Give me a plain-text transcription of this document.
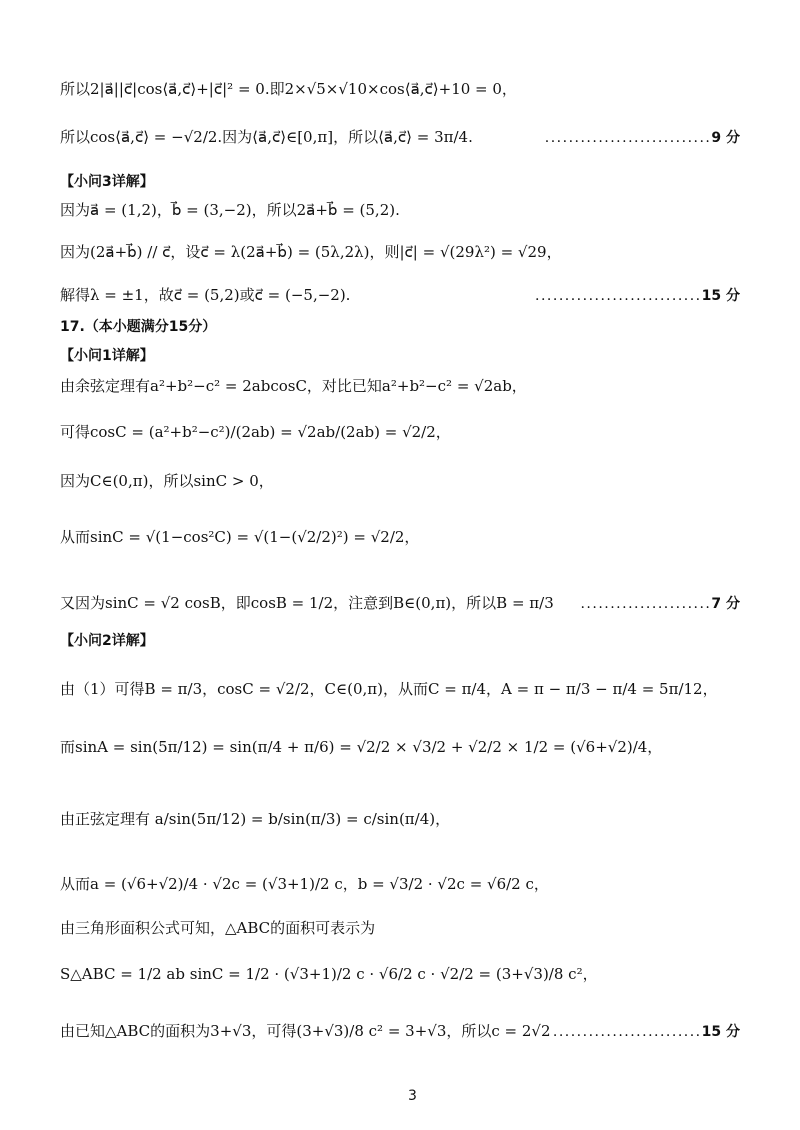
所以2|a⃗||c⃗|cos⟨a⃗,c⃗⟩+|c⃗|² = 0.即2×√5×√10×cos⟨a⃗,c⃗⟩+10 = 0，
所以cos⟨a⃗,c⃗⟩ = −√2/2.因为⟨a⃗,c⃗⟩∈[0,π]，所以⟨a⃗,c⃗⟩ = 3π/4.	............................ 9 分
【小问3详解】
因为a⃗ = (1,2)，b⃗ = (3,−2)，所以2a⃗+b⃗ = (5,2).
因为(2a⃗+b⃗) // c⃗，设c⃗ = λ(2a⃗+b⃗) = (5λ,2λ)，则|c⃗| = √(29λ²) = √29，
解得λ = ±1，故c⃗ = (5,2)或c⃗ = (−5,−2).	............................ 15 分
17.（本小题满分15分）
【小问1详解】
由余弦定理有a²+b²−c² = 2abcosC，对比已知a²+b²−c² = √2ab，
可得cosC = (a²+b²−c²)/(2ab) = √2ab/(2ab) = √2/2，
因为C∈(0,π)，所以sinC > 0，
从而sinC = √(1−cos²C) = √(1−(√2/2)²) = √2/2，
又因为sinC = √2 cosB，即cosB = 1/2，注意到B∈(0,π)，所以B = π/3 ...................... 7 分
【小问2详解】
由（1）可得B = π/3，cosC = √2/2，C∈(0,π)，从而C = π/4，A = π − π/3 − π/4 = 5π/12，
而sinA = sin(5π/12) = sin(π/4 + π/6) = √2/2 × √3/2 + √2/2 × 1/2 = (√6+√2)/4，
由正弦定理有 a/sin(5π/12) = b/sin(π/3) = c/sin(π/4)，
从而a = (√6+√2)/4 · √2c = (√3+1)/2 c，b = √3/2 · √2c = √6/2 c，
由三角形面积公式可知，△ABC的面积可表示为
S△ABC = 1/2 ab sinC = 1/2 · (√3+1)/2 c · √6/2 c · √2/2 = (3+√3)/8 c²，
由已知△ABC的面积为3+√3，可得(3+√3)/8 c² = 3+√3，所以c = 2√2 ......................... 15 分
3
